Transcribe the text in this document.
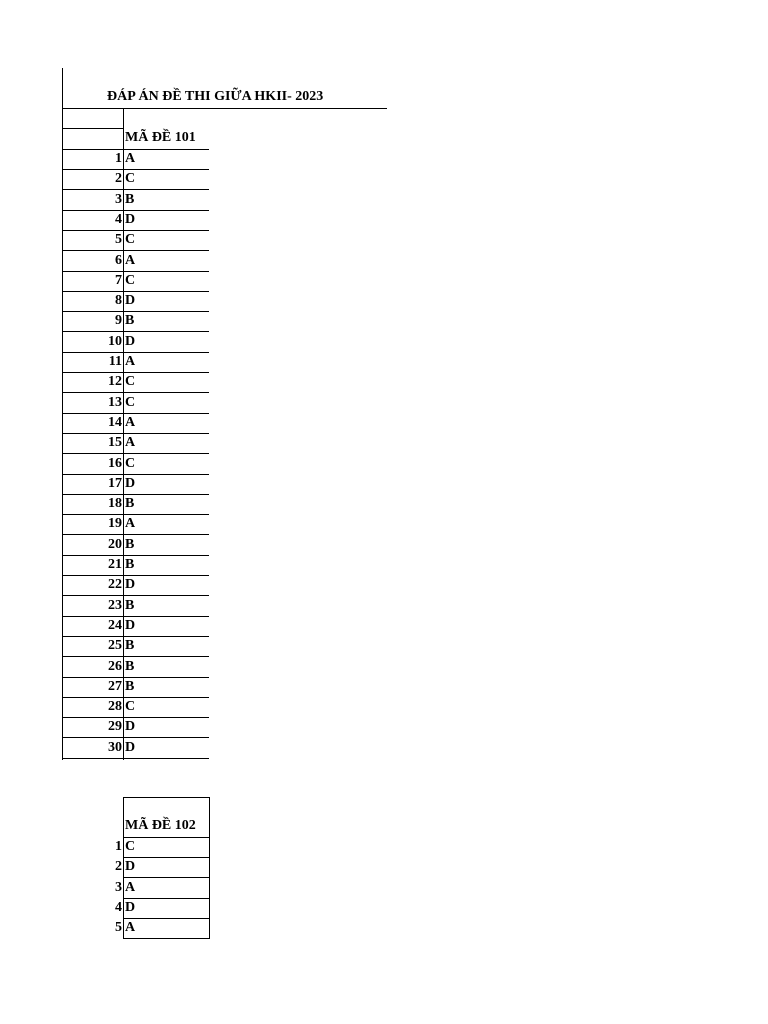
ĐÁP ÁN ĐỀ THI GIỮA HKII- 2023
MÃ ĐỀ 101
1 A
2 C
3 B
4 D
5 C
6 A
7 C
8 D
9 B
10 D
11 A
12 C
13 C
14 A
15 A
16 C
17 D
18 B
19 A
20 B
21 B
22 D
23 B
24 D
25 B
26 B
27 B
28 C
29 D
30 D
MÃ ĐỀ 102
1 C
2 D
3 A
4 D
5 A
